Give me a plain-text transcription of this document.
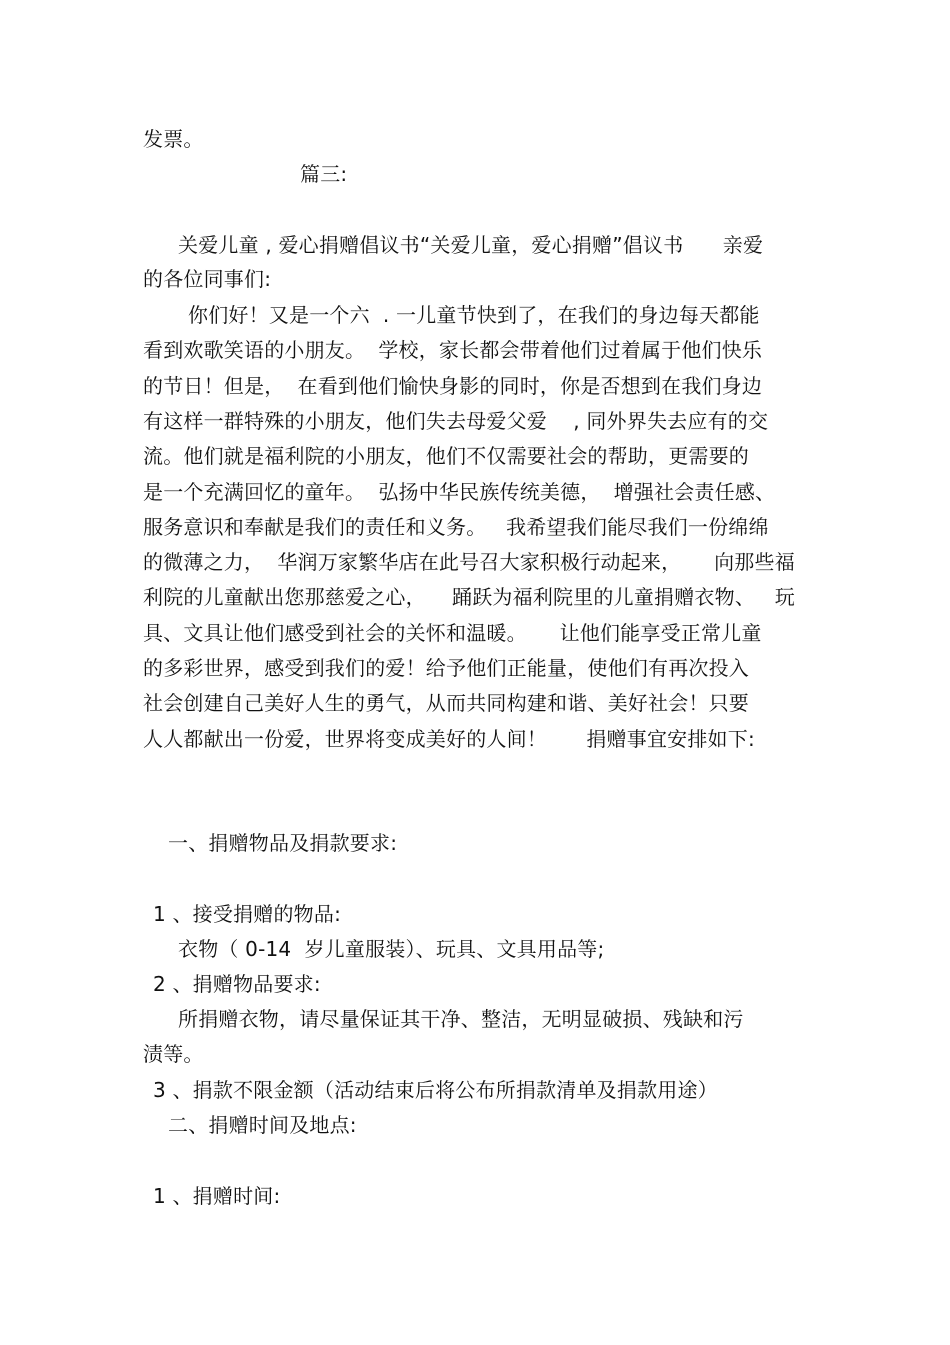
发票。
篇三:
关爱儿童 , 爱心捐赠倡议书“关爱儿童，爱心捐赠”倡议书      亲爱
的各位同事们:
你们好！又是一个六  . 一儿童节快到了，在我们的身边每天都能
看到欢歌笑语的小朋友。  学校，家长都会带着他们过着属于他们快乐
的节日！但是，  在看到他们愉快身影的同时，你是否想到在我们身边
有这样一群特殊的小朋友，他们失去母爱父爱    , 同外界失去应有的交
流。他们就是福利院的小朋友，他们不仅需要社会的帮助，更需要的
是一个充满回忆的童年。  弘扬中华民族传统美德，  增强社会责任感、
服务意识和奉献是我们的责任和义务。   我希望我们能尽我们一份绵绵
的微薄之力，  华润万家繁华店在此号召大家积极行动起来，     向那些福
利院的儿童献出您那慈爱之心，    踊跃为福利院里的儿童捐赠衣物、   玩
具、文具让他们感受到社会的关怀和温暖。     让他们能享受正常儿童
的多彩世界，感受到我们的爱！给予他们正能量，使他们有再次投入
社会创建自己美好人生的勇气，从而共同构建和谐、美好社会！只要
人人都献出一份爱，世界将变成美好的人间！      捐赠事宜安排如下:
一、捐赠物品及捐款要求:
1 、接受捐赠的物品:
衣物（ 0-14  岁儿童服装）、玩具、文具用品等;
2 、捐赠物品要求:
所捐赠衣物，请尽量保证其干净、整洁，无明显破损、残缺和污
渍等。
3 、捐款不限金额（活动结束后将公布所捐款清单及捐款用途）
二、捐赠时间及地点:
1 、捐赠时间:
